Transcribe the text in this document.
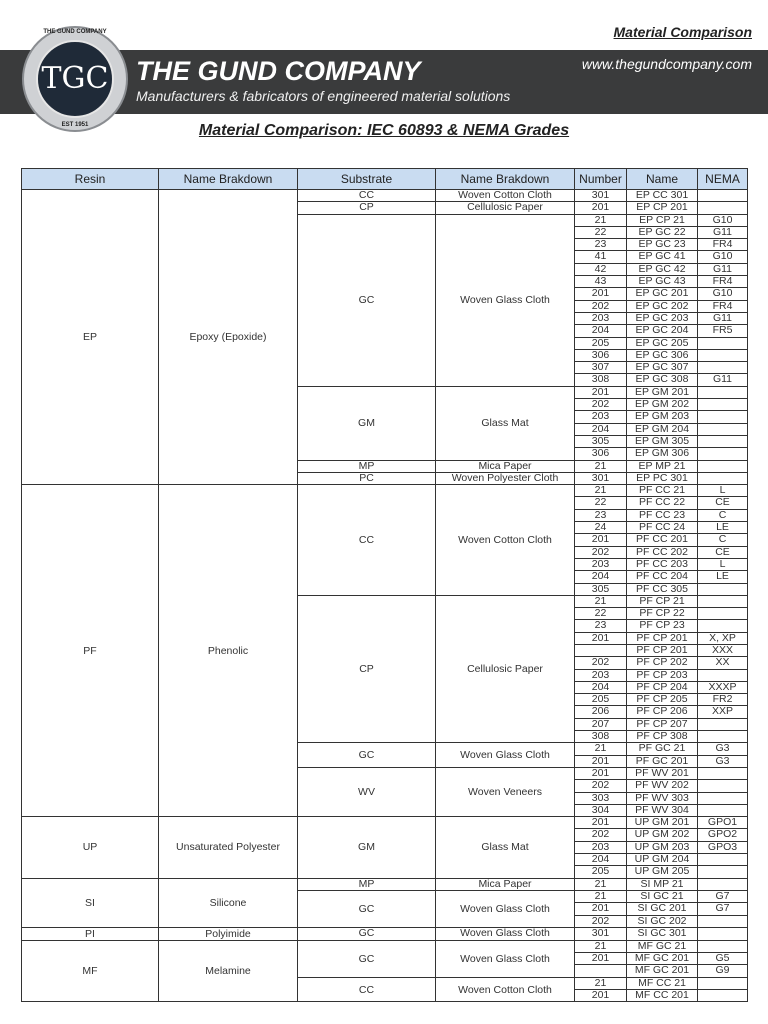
Material Comparison
THE GUND COMPANY
TGC
EST 1951
THE GUND COMPANY
Manufacturers & fabricators of engineered material solutions
www.thegundcompany.com
Material Comparison: IEC 60893 & NEMA Grades
Resin	Name Brakdown	Substrate	Name Brakdown	Number	Name	NEMA
EP	Epoxy (Epoxide)	CC	Woven Cotton Cloth	301	EP CC 301	
		CP	Cellulosic Paper	201	EP CP 201	
		GC	Woven Glass Cloth	21	EP CP 21	G10
				22	EP GC 22	G11
				23	EP GC 23	FR4
				41	EP GC 41	G10
				42	EP GC 42	G11
				43	EP GC 43	FR4
				201	EP GC 201	G10
				202	EP GC 202	FR4
				203	EP GC 203	G11
				204	EP GC 204	FR5
				205	EP GC 205	
				306	EP GC 306	
				307	EP GC 307	
				308	EP GC 308	G11
		GM	Glass Mat	201	EP GM 201	
				202	EP GM 202	
				203	EP GM 203	
				204	EP GM 204	
				305	EP GM 305	
				306	EP GM 306	
		MP	Mica Paper	21	EP MP 21	
		PC	Woven Polyester Cloth	301	EP PC 301	
PF	Phenolic	CC	Woven Cotton Cloth	21	PF CC 21	L
				22	PF CC 22	CE
				23	PF CC 23	C
				24	PF CC 24	LE
				201	PF CC 201	C
				202	PF CC 202	CE
				203	PF CC 203	L
				204	PF CC 204	LE
				305	PF CC 305	
		CP	Cellulosic Paper	21	PF CP 21	
				22	PF CP 22	
				23	PF CP 23	
				201	PF CP 201	X, XP
					PF CP 201	XXX
				202	PF CP 202	XX
				203	PF CP 203	
				204	PF CP 204	XXXP
				205	PF CP 205	FR2
				206	PF CP 206	XXP
				207	PF CP 207	
				308	PF CP 308	
		GC	Woven Glass Cloth	21	PF GC 21	G3
				201	PF GC 201	G3
		WV	Woven Veneers	201	PF WV 201	
				202	PF WV 202	
				303	PF WV 303	
				304	PF WV 304	
UP	Unsaturated Polyester	GM	Glass Mat	201	UP GM 201	GPO1
				202	UP GM 202	GPO2
				203	UP GM 203	GPO3
				204	UP GM 204	
				205	UP GM 205	
SI	Silicone	MP	Mica Paper	21	SI MP 21	
		GC	Woven Glass Cloth	21	SI GC 21	G7
				201	SI GC 201	G7
				202	SI GC 202	
PI	Polyimide	GC	Woven Glass Cloth	301	SI GC 301	
MF	Melamine	GC	Woven Glass Cloth	21	MF GC 21	
				201	MF GC 201	G5
					MF GC 201	G9
		CC	Woven Cotton Cloth	21	MF CC 21	
				201	MF CC 201	
